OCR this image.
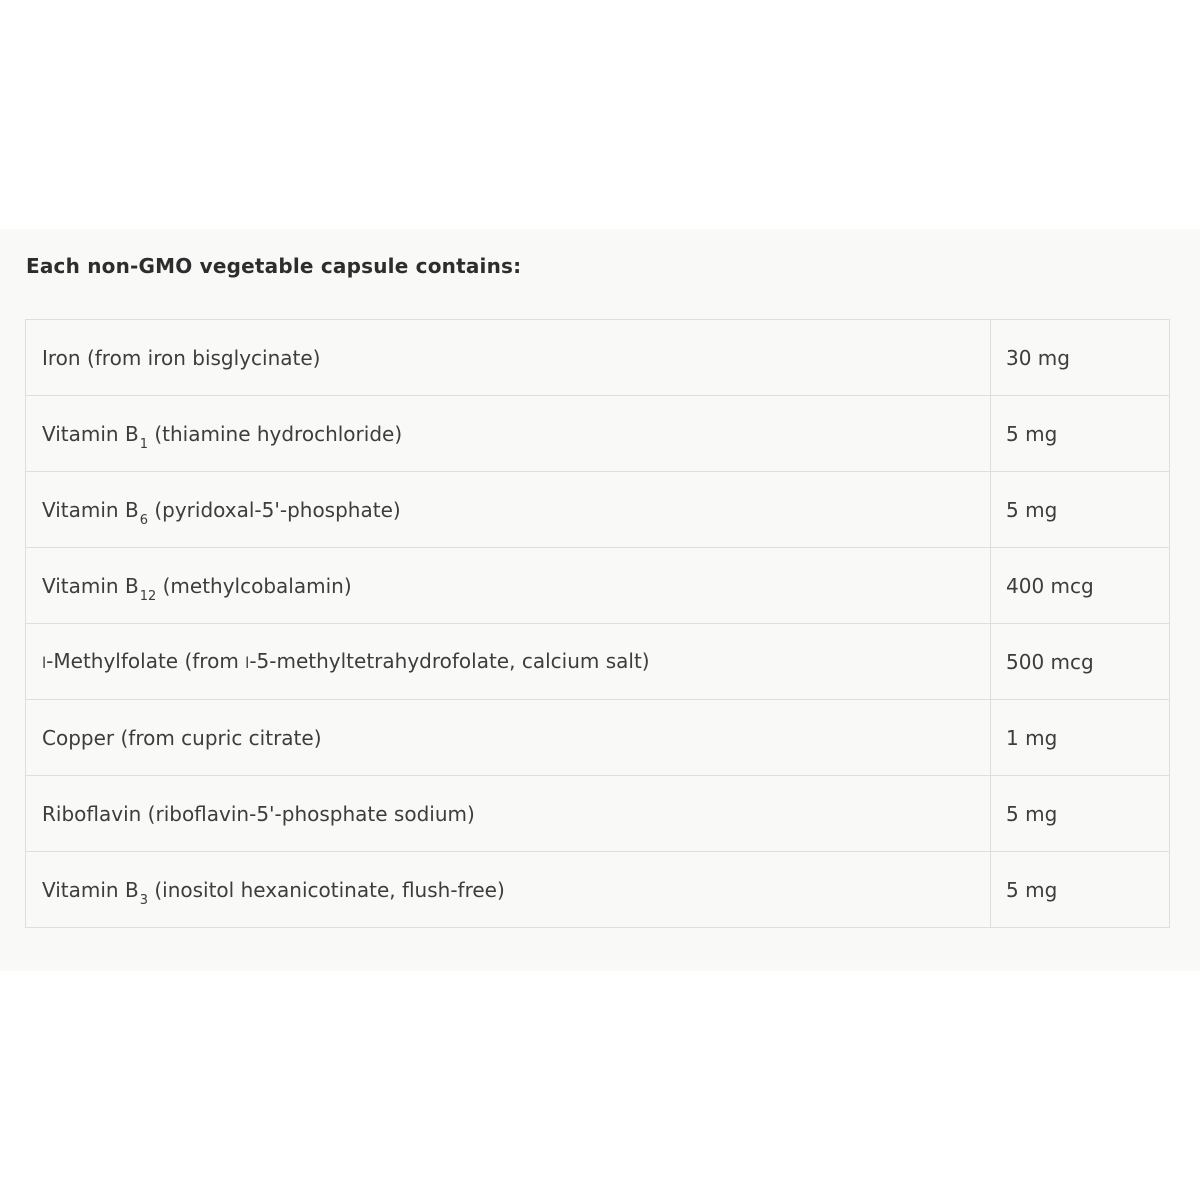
Each non-GMO vegetable capsule contains:
Iron (from iron bisglycinate)	30 mg
Vitamin $B_1$ (thiamine hydrochloride)	5 mg
Vitamin $B_6$ (pyridoxal-5'-phosphate)	5 mg
Vitamin $B_{12}$ (methylcobalamin)	400 mcg
l-Methylfolate (from l-5-methyltetrahydrofolate, calcium salt)	500 mcg
Copper (from cupric citrate)	1 mg
Riboflavin (riboflavin-5'-phosphate sodium)	5 mg
Vitamin $B_3$ (inositol hexanicotinate, flush-free)	5 mg
